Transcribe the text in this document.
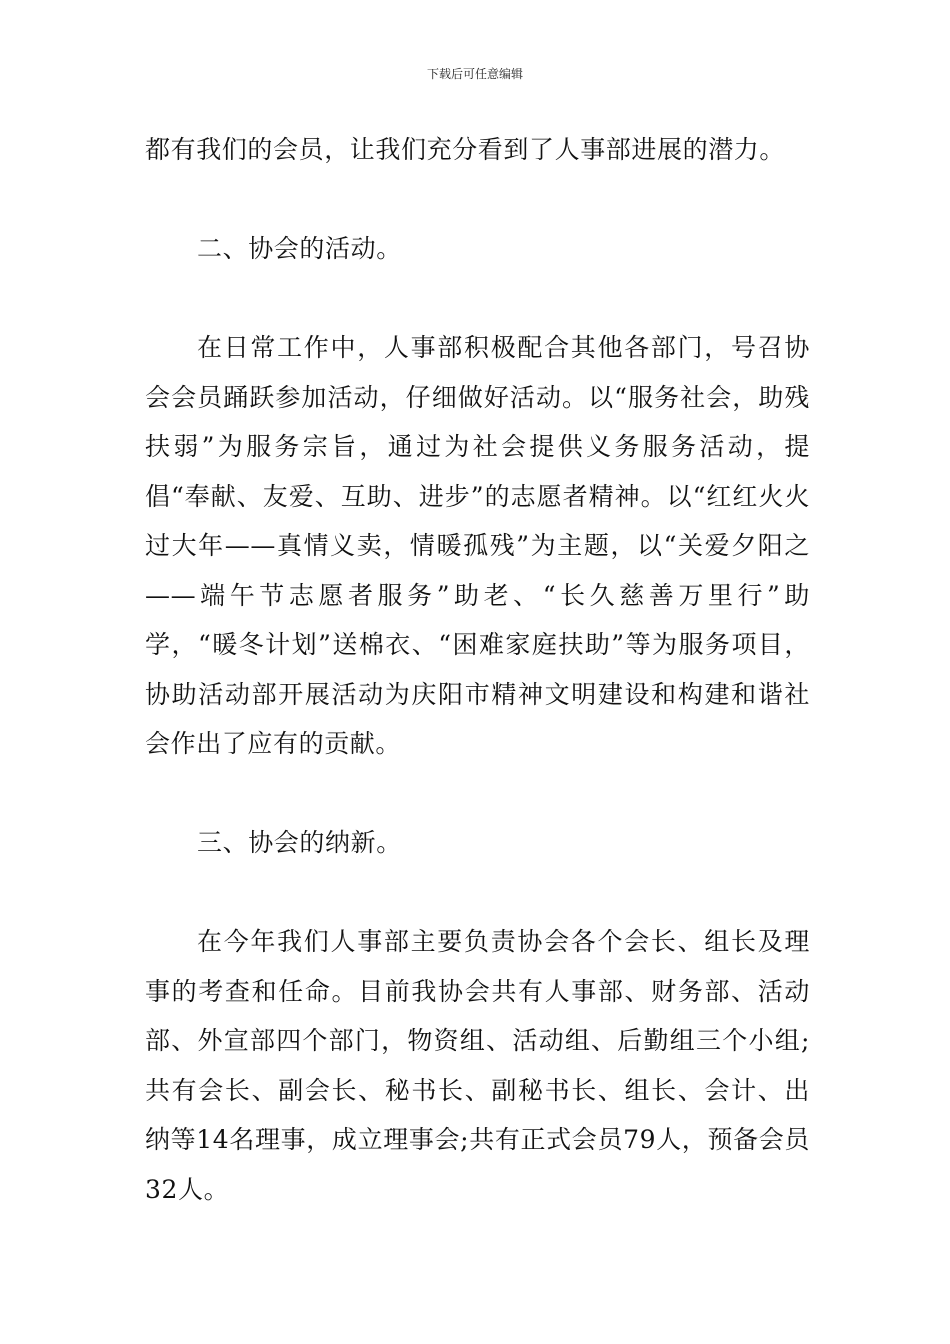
下载后可任意编辑

都有我们的会员，让我们充分看到了人事部进展的潜力。

二、协会的活动。

在日常工作中，人事部积极配合其他各部门，号召协会会员踊跃参加活动，仔细做好活动。以“服务社会，助残扶弱”为服务宗旨，通过为社会提供义务服务活动，提倡“奉献、友爱、互助、进步”的志愿者精神。以“红红火火过大年——真情义卖，情暖孤残”为主题，以“关爱夕阳之——端午节志愿者服务”助老、“长久慈善万里行”助学，“暖冬计划”送棉衣、“困难家庭扶助”等为服务项目，协助活动部开展活动为庆阳市精神文明建设和构建和谐社会作出了应有的贡献。

三、协会的纳新。

在今年我们人事部主要负责协会各个会长、组长及理事的考查和任命。目前我协会共有人事部、财务部、活动部、外宣部四个部门，物资组、活动组、后勤组三个小组;共有会长、副会长、秘书长、副秘书长、组长、会计、出纳等14名理事，成立理事会;共有正式会员79人，预备会员32人。
